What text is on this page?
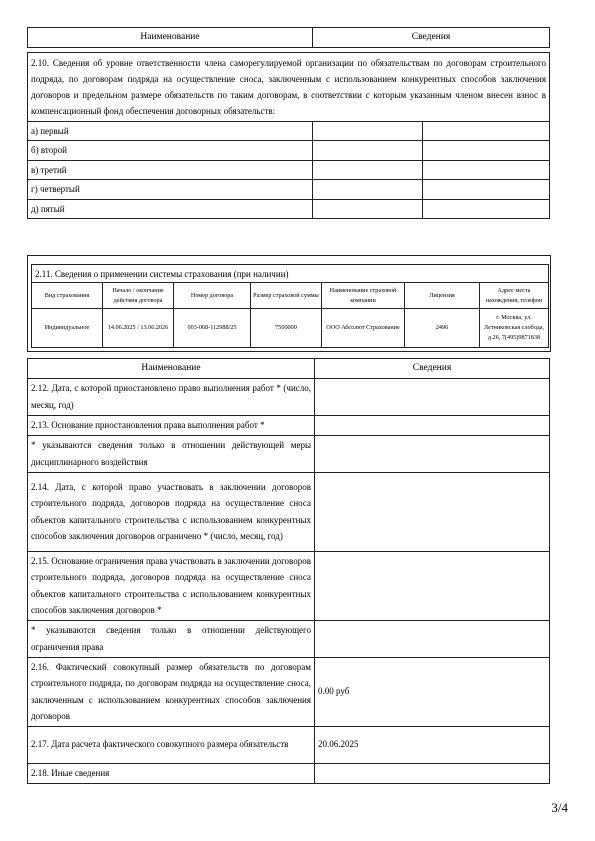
Наименование	Сведения

2.10. Сведения об уровне ответственности члена саморегулируемой организации по обязательствам по договорам строительного подряда, по договорам подряда на осуществление сноса, заключенным с использованием конкурентных способов заключения договоров и предельном размере обязательств по таким договорам, в соответствии с которым указанным членом внесен взнос в компенсационный фонд обеспечения договорных обязательств:
а) первый	

б) второй	

в) третий	

г) четвертый	

д) пятый	

2.11. Сведения о применении системы страхования (при наличии)						
Вид страхования	Начало / окончание действия договора	Номер договора	Размер страховой суммы	Наименование страховой компании	Лицензия	Адрес места нахождения, телефон
Индивидуальное	14.06.2025 / 13.06.2026	003-068-112988/25	7500000	ООО Абсолют Страхование	2496	г. Москва, ул. Летниковская слобода, д.26, 7(495)9871838
Наименование	Сведения
2.12. Дата, с которой приостановлено право выполнения работ * (число, месяц, год)	
2.13. Основание приостановления права выполнения работ *	
* указываются сведения только в отношении действующей меры дисциплинарного воздействия	
2.14. Дата, с которой право участвовать в заключении договоров строительного подряда, договоров подряда на осуществление сноса объектов капитального строительства с использованием конкурентных способов заключения договоров ограничено * (число, месяц, год)	
2.15. Основание ограничения права участвовать в заключении договоров строительного подряда, договоров подряда на осуществление сноса объектов капитального строительства с использованием конкурентных способов заключения договоров *	
* указываются сведения только в отношении действующего ограничения права	
2.16. Фактический совокупный размер обязательств по договорам строительного подряда, по договорам подряда на осуществление сноса, заключенным с использованием конкурентных способов заключения договоров	0.00 руб
2.17. Дата расчета фактического совокупного размера обязательств	20.06.2025
2.18. Иные сведения	
3/4
